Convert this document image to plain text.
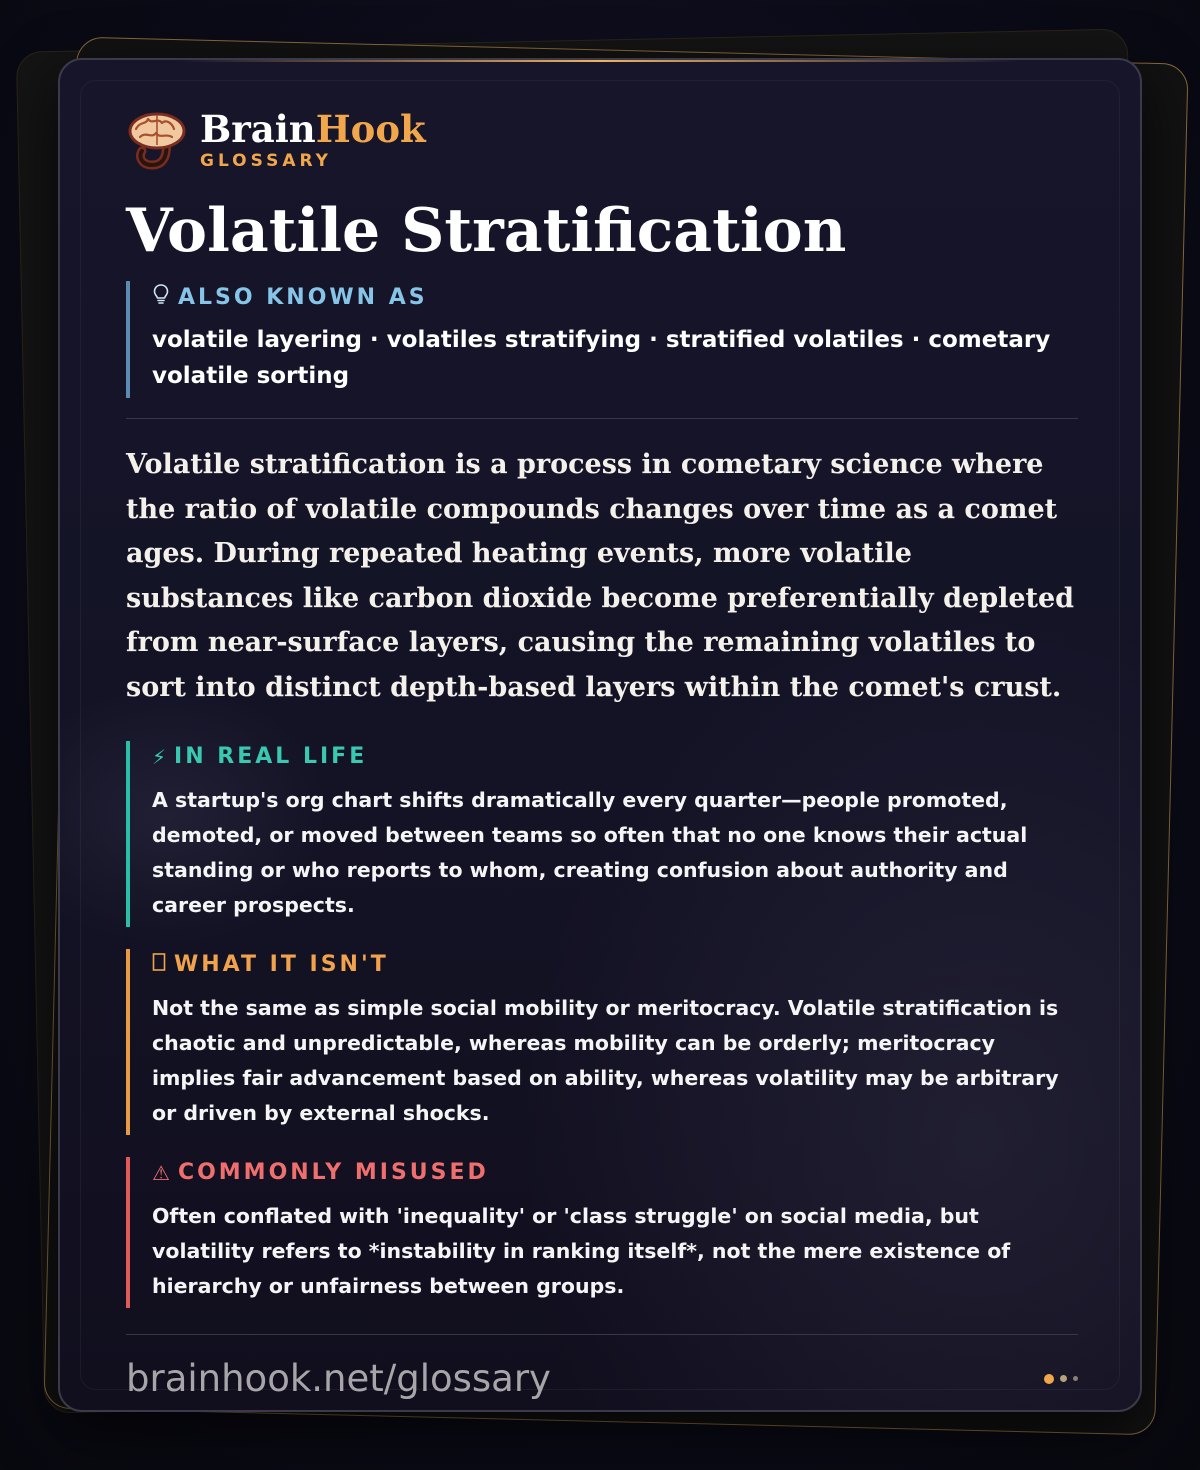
BrainHook
GLOSSARY
Volatile Stratification
ALSO KNOWN AS
volatile layering · volatiles stratifying · stratified volatiles · cometary volatile sorting
Volatile stratification is a process in cometary science where the ratio of volatile compounds changes over time as a comet ages. During repeated heating events, more volatile substances like carbon dioxide become preferentially depleted from near-surface layers, causing the remaining volatiles to sort into distinct depth-based layers within the comet's crust.
⚡ IN REAL LIFE
A startup's org chart shifts dramatically every quarter—people promoted, demoted, or moved between teams so often that no one knows their actual standing or who reports to whom, creating confusion about authority and career prospects.
WHAT IT ISN'T
Not the same as simple social mobility or meritocracy. Volatile stratification is chaotic and unpredictable, whereas mobility can be orderly; meritocracy implies fair advancement based on ability, whereas volatility may be arbitrary or driven by external shocks.
⚠ COMMONLY MISUSED
Often conflated with 'inequality' or 'class struggle' on social media, but volatility refers to *instability in ranking itself*, not the mere existence of hierarchy or unfairness between groups.
brainhook.net/glossary
